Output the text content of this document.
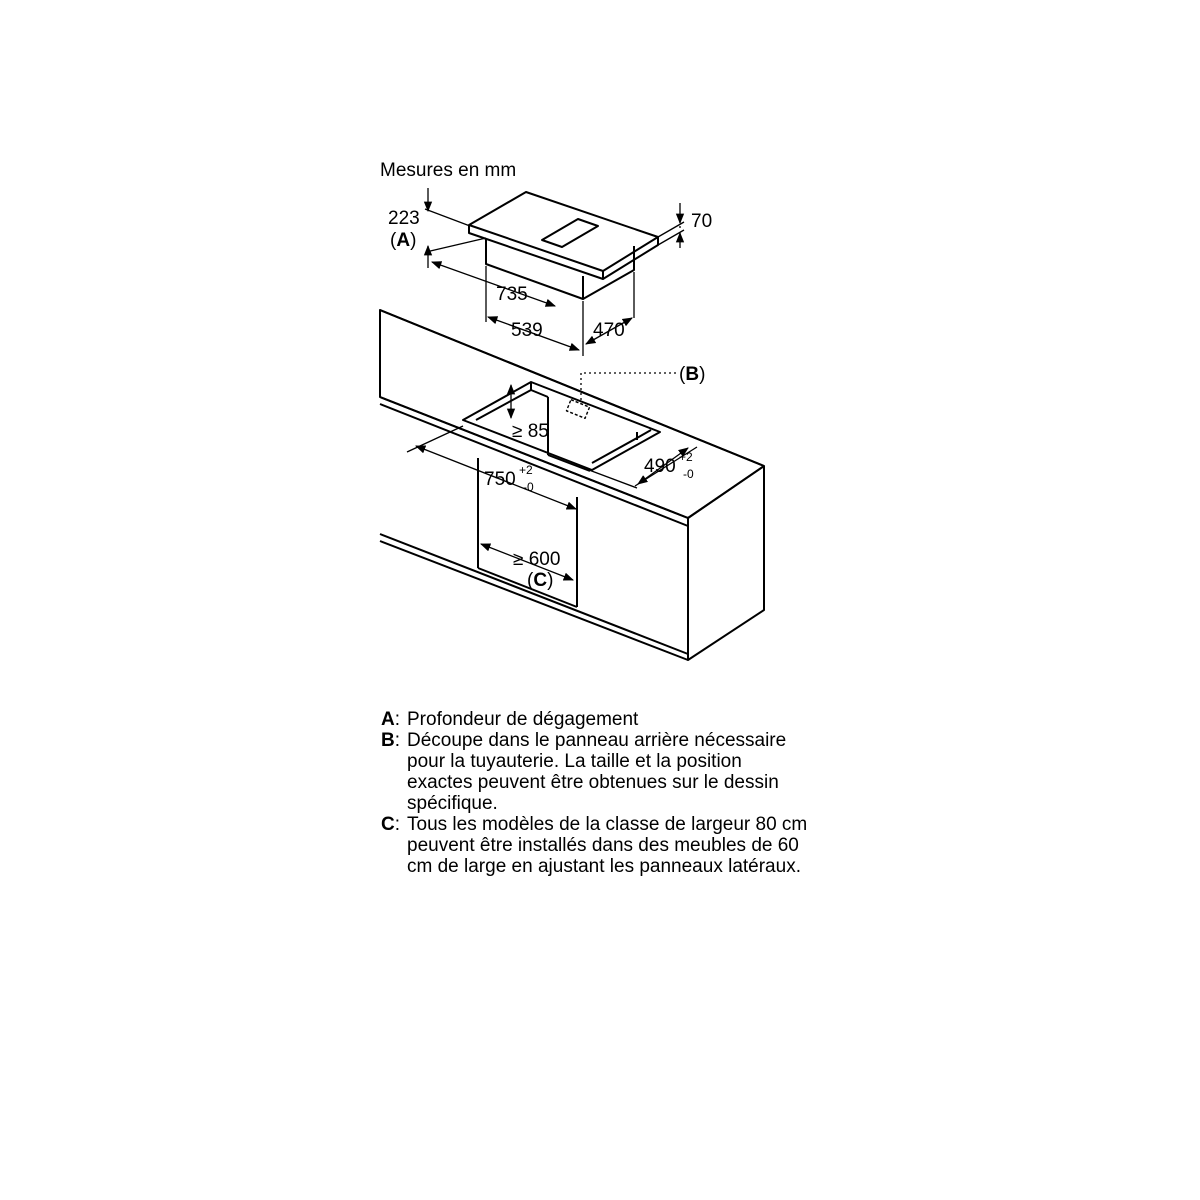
Mesures en mm
223
(A)
70
735
539	470
(B)
≥ 85
750 +2
-0
490 +2
-0
≥ 600
(C)
A: Profondeur de dégagement
B: Découpe dans le panneau arrière nécessaire pour la tuyauterie. La taille et la position exactes peuvent être obtenues sur le dessin spécifique.
C: Tous les modèles de la classe de largeur 80 cm peuvent être installés dans des meubles de 60 cm de large en ajustant les panneaux latéraux.
